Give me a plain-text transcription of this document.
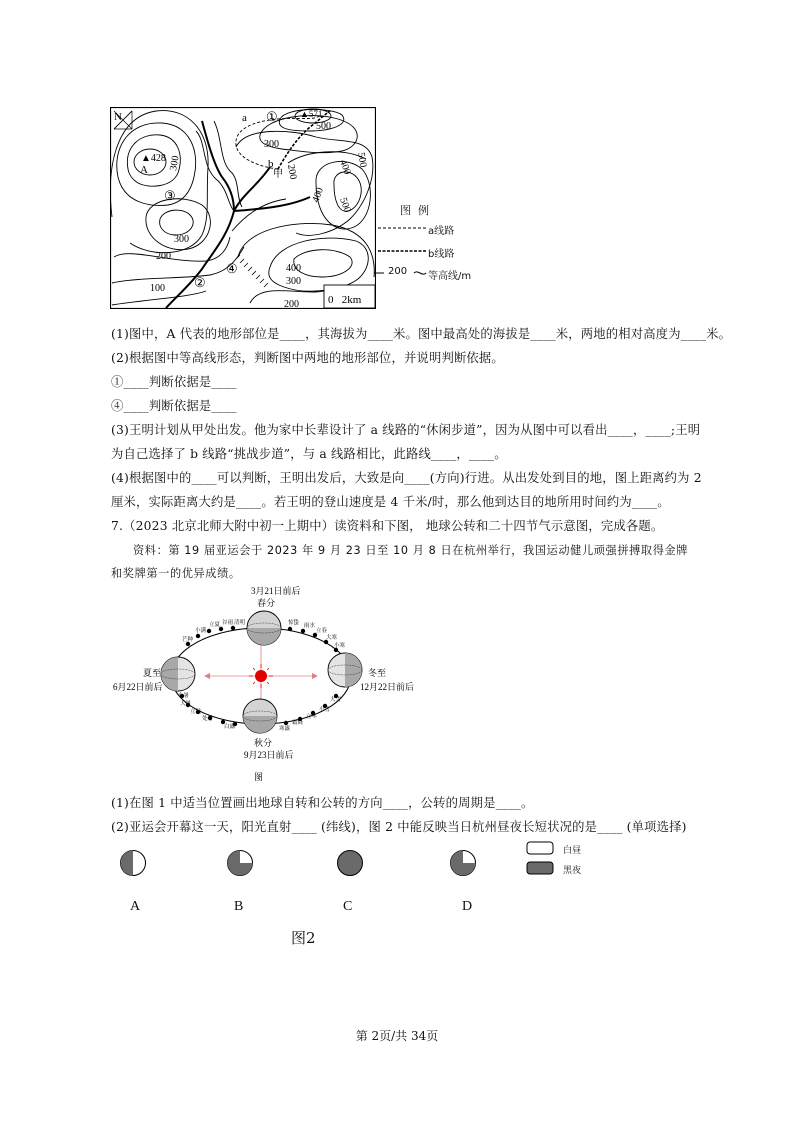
N
▲428
A
a
b
甲
▲571
①
②
③
④
500
400
300
300
200
500
400
500
300
200
100
400
300
200	0   2km
图  例
200
a线路
b线路
等高线/m
(1)图中，A 代表的地形部位是____，其海拔为____米。图中最高处的海拔是____米，两地的相对高度为____米。
(2)根据图中等高线形态，判断图中两地的地形部位，并说明判断依据。
①____判断依据是____
④____判断依据是____
(3)王明计划从甲处出发。他为家中长辈设计了 a 线路的“休闲步道”，因为从图中可以看出____，____;王明
为自己选择了 b 线路“挑战步道”，与 a 线路相比，此路线____，____。
(4)根据图中的____可以判断，王明出发后，大致是向____(方向)行进。从出发处到目的地，图上距离约为 2
厘米，实际距离大约是____。若王明的登山速度是 4 千米/时，那么他到达目的地所用时间约为____。
7.（2023 北京北师大附中初一上期中）读资料和下图， 地球公转和二十四节气示意图，完成各题。
资料：第 19 届亚运会于 2023 年 9 月 23 日至 10 月 8 日在杭州举行，我国运动健儿顽强拼搏取得金牌
和奖牌第一的优异成绩。
立夏 谷雨 清明
小满
芒种
惊蛰 雨水
立春
大寒
小寒
小暑
大暑
立秋
处暑
白露	寒露
霜降
立冬
小雪
大雪
3月21日前后
春分
夏至
6月22日前后
冬至
12月22日前后
秋分
9月23日前后
图
(1)在图 1 中适当位置画出地球自转和公转的方向____，公转的周期是____。
(2)亚运会开幕这一天，阳光直射____ (纬线)，图 2 中能反映当日杭州昼夜长短状况的是____ (单项选择)
A	B	C	D
白昼
黑夜
图2
第 2页/共 34页
